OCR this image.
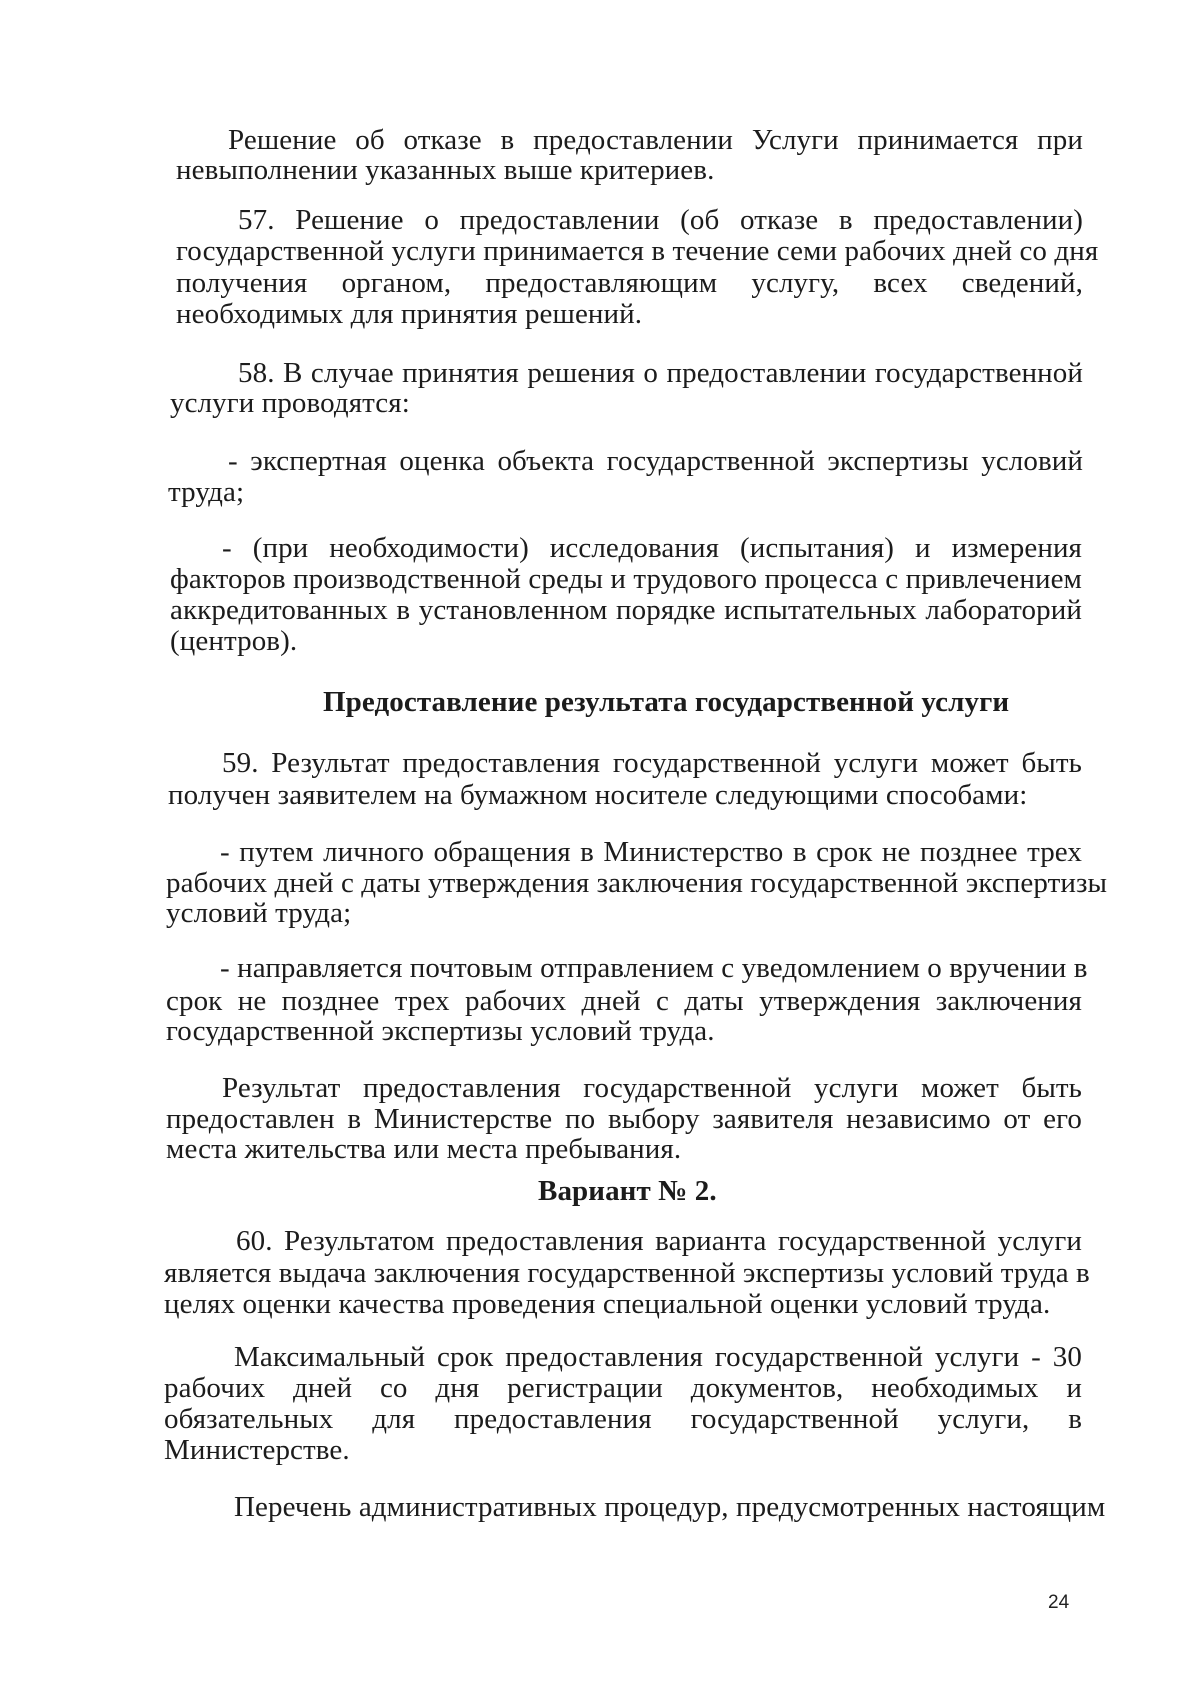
Решение об отказе в предоставлении Услуги принимается при
невыполнении указанных выше критериев.
57. Решение о предоставлении (об отказе в предоставлении)
государственной услуги принимается в течение семи рабочих дней со дня
получения органом, предоставляющим услугу, всех сведений,
необходимых для принятия решений.
58. В случае принятия решения о предоставлении государственной
услуги проводятся:
- экспертная оценка объекта государственной экспертизы условий
труда;
- (при необходимости) исследования (испытания) и измерения
факторов производственной среды и трудового процесса с привлечением
аккредитованных в установленном порядке испытательных лабораторий
(центров).
Предоставление результата государственной услуги
59. Результат предоставления государственной услуги может быть
получен заявителем на бумажном носителе следующими способами:
- путем личного обращения в Министерство в срок не позднее трех
рабочих дней с даты утверждения заключения государственной экспертизы
условий труда;
- направляется почтовым отправлением с уведомлением о вручении в
срок не позднее трех рабочих дней с даты утверждения заключения
государственной экспертизы условий труда.
Результат предоставления государственной услуги может быть
предоставлен в Министерстве по выбору заявителя независимо от его
места жительства или места пребывания.
Вариант № 2.
60. Результатом предоставления варианта государственной услуги
является выдача заключения государственной экспертизы условий труда в
целях оценки качества проведения специальной оценки условий труда.
Максимальный срок предоставления государственной услуги - 30
рабочих дней со дня регистрации документов, необходимых и
обязательных для предоставления государственной услуги, в
Министерстве.
Перечень административных процедур, предусмотренных настоящим
24
